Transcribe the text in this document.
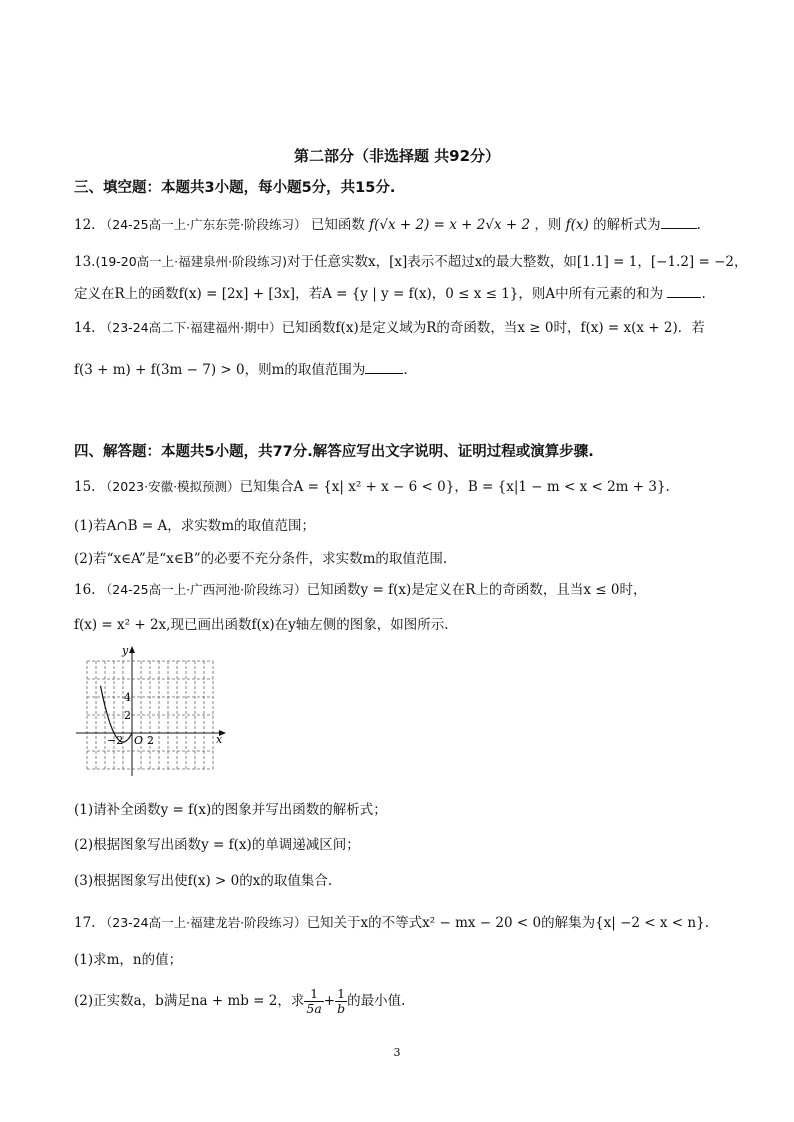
第二部分（非选择题 共92分）
三、填空题：本题共3小题，每小题5分，共15分.
12. （24-25高一上·广东东莞·阶段练习） 已知函数 f(√x + 2) = x + 2√x + 2 ，则 f(x) 的解析式为	.
13.(19-20高一上·福建泉州·阶段练习)对于任意实数x，[x]表示不超过x的最大整数，如[1.1] = 1，[−1.2] = −2，
定义在R上的函数f(x) = [2x] + [3x]，若A = {y | y = f(x)，0 ≤ x ≤ 1}，则A中所有元素的和为	.
14. （23-24高二下·福建福州·期中）已知函数f(x)是定义域为R的奇函数，当x ≥ 0时，f(x) = x(x + 2)．若
f(3 + m) + f(3m − 7) > 0，则m的取值范围为	.
四、解答题：本题共5小题，共77分.解答应写出文字说明、证明过程或演算步骤.
15. （2023·安徽·模拟预测）已知集合A = {x| x² + x − 6 < 0}，B = {x|1 − m < x < 2m + 3}.
(1)若A∩B = A，求实数m的取值范围；
(2)若“x∈A”是“x∈B”的必要不充分条件，求实数m的取值范围.
16. （24-25高一上·广西河池·阶段练习）已知函数y = f(x)是定义在R上的奇函数，且当x ≤ 0时，
f(x) = x² + 2x,现已画出函数f(x)在y轴左侧的图象，如图所示.
y
x
O
4
2
−2 2
(1)请补全函数y = f(x)的图象并写出函数的解析式；
(2)根据图象写出函数y = f(x)的单调递减区间；
(3)根据图象写出使f(x) > 0的x的取值集合.
17. （23-24高一上·福建龙岩·阶段练习）已知关于x的不等式x² − mx − 20 < 0的解集为{x| −2 < x < n}.
(1)求m，n的值；
(2)正实数a，b满足na + mb = 2，求 $\frac{1}{5a} + \frac{1}{b}$ 的最小值.
3
